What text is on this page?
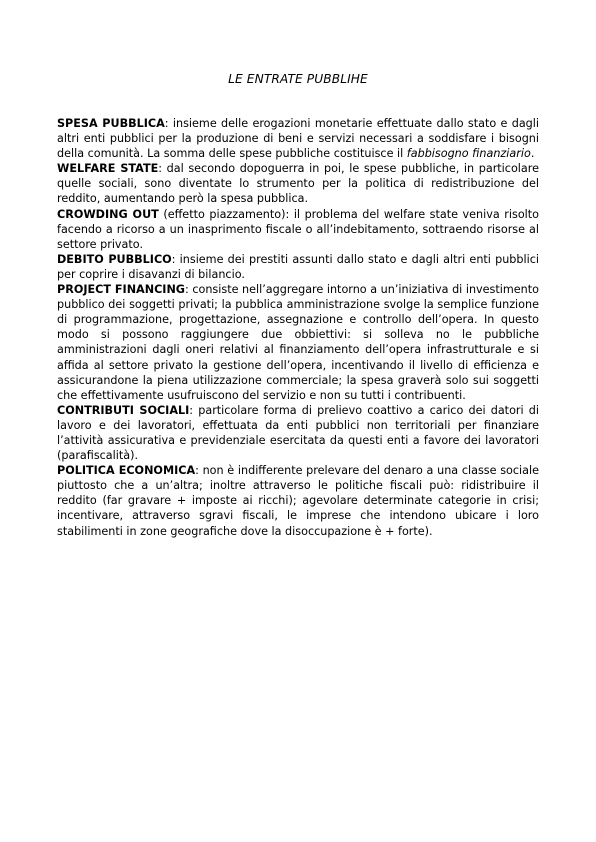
LE ENTRATE PUBBLIHE

SPESA PUBBLICA: insieme delle erogazioni monetarie effettuate dallo stato e dagli altri enti pubblici per la produzione di beni e servizi necessari a soddisfare i bisogni della comunità. La somma delle spese pubbliche costituisce il fabbisogno finanziario.

WELFARE STATE: dal secondo dopoguerra in poi, le spese pubbliche, in particolare quelle sociali, sono diventate lo strumento per la politica di redistribuzione del reddito, aumentando però la spesa pubblica.

CROWDING OUT (effetto piazzamento): il problema del welfare state veniva risolto facendo a ricorso a un inasprimento fiscale o all’indebitamento, sottraendo risorse al settore privato.

DEBITO PUBBLICO: insieme dei prestiti assunti dallo stato e dagli altri enti pubblici per coprire i disavanzi di bilancio.

PROJECT FINANCING: consiste nell’aggregare intorno a un’iniziativa di investimento pubblico dei soggetti privati; la pubblica amministrazione svolge la semplice funzione di programmazione, progettazione, assegnazione e controllo dell’opera. In questo modo si possono raggiungere due obbiettivi: si solleva no le pubbliche amministrazioni dagli oneri relativi al finanziamento dell’opera infrastrutturale e si affida al settore privato la gestione dell’opera, incentivando il livello di efficienza e assicurandone la piena utilizzazione commerciale; la spesa graverà solo sui soggetti che effettivamente usufruiscono del servizio e non su tutti i contribuenti.

CONTRIBUTI SOCIALI: particolare forma di prelievo coattivo a carico dei datori di lavoro e dei lavoratori, effettuata da enti pubblici non territoriali per finanziare l’attività assicurativa e previdenziale esercitata da questi enti a favore dei lavoratori (parafiscalità).

POLITICA ECONOMICA: non è indifferente prelevare del denaro a una classe sociale piuttosto che a un’altra; inoltre attraverso le politiche fiscali può: ridistribuire il reddito (far gravare + imposte ai ricchi); agevolare determinate categorie in crisi; incentivare, attraverso sgravi fiscali, le imprese che intendono ubicare i loro stabilimenti in zone geografiche dove la disoccupazione è + forte).
